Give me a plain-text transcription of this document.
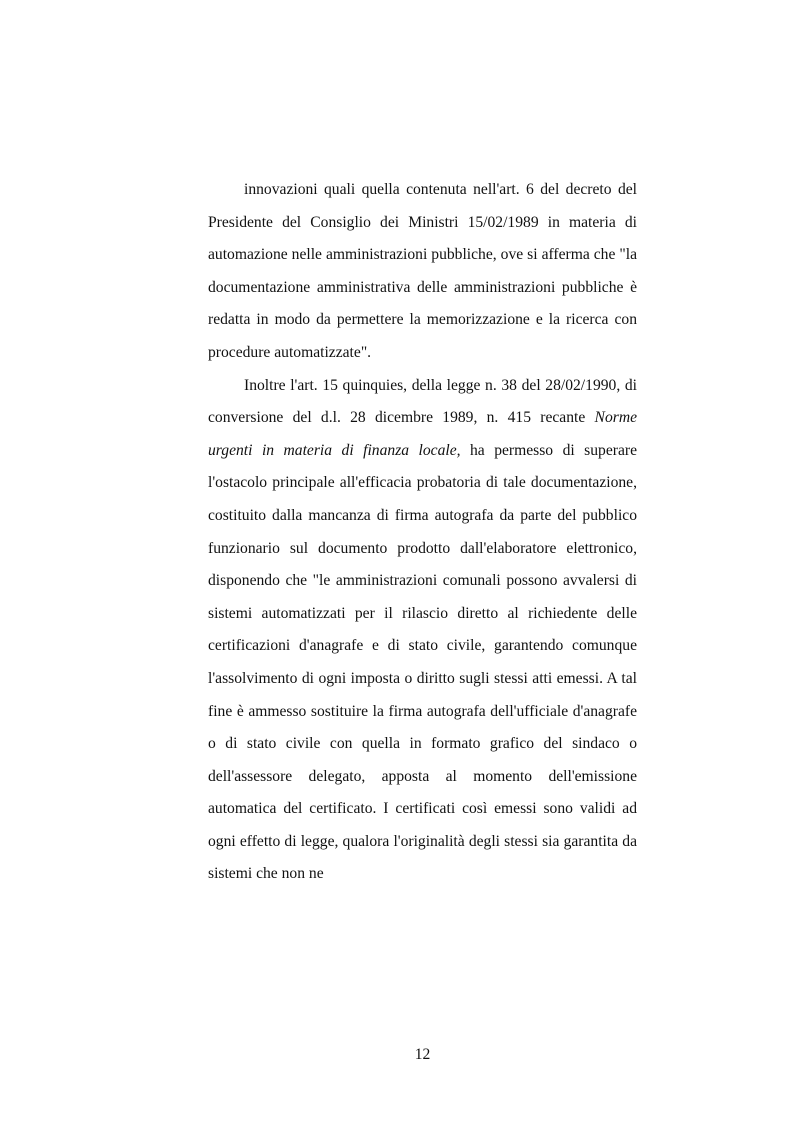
innovazioni quali quella contenuta nell'art. 6 del decreto del Presidente del Consiglio dei Ministri 15/02/1989 in materia di automazione nelle amministrazioni pubbliche, ove si afferma che "la documentazione amministrativa delle amministrazioni pubbliche è redatta in modo da permettere la memorizzazione e la ricerca con procedure automatizzate".

Inoltre l'art. 15 quinquies, della legge n. 38 del 28/02/1990, di conversione del d.l. 28 dicembre 1989, n. 415 recante Norme urgenti in materia di finanza locale, ha permesso di superare l'ostacolo principale all'efficacia probatoria di tale documentazione, costituito dalla mancanza di firma autografa da parte del pubblico funzionario sul documento prodotto dall'elaboratore elettronico, disponendo che "le amministrazioni comunali possono avvalersi di sistemi automatizzati per il rilascio diretto al richiedente delle certificazioni d'anagrafe e di stato civile, garantendo comunque l'assolvimento di ogni imposta o diritto sugli stessi atti emessi. A tal fine è ammesso sostituire la firma autografa dell'ufficiale d'anagrafe o di stato civile con quella in formato grafico del sindaco o dell'assessore delegato, apposta al momento dell'emissione automatica del certificato. I certificati così emessi sono validi ad ogni effetto di legge, qualora l'originalità degli stessi sia garantita da sistemi che non ne

12
